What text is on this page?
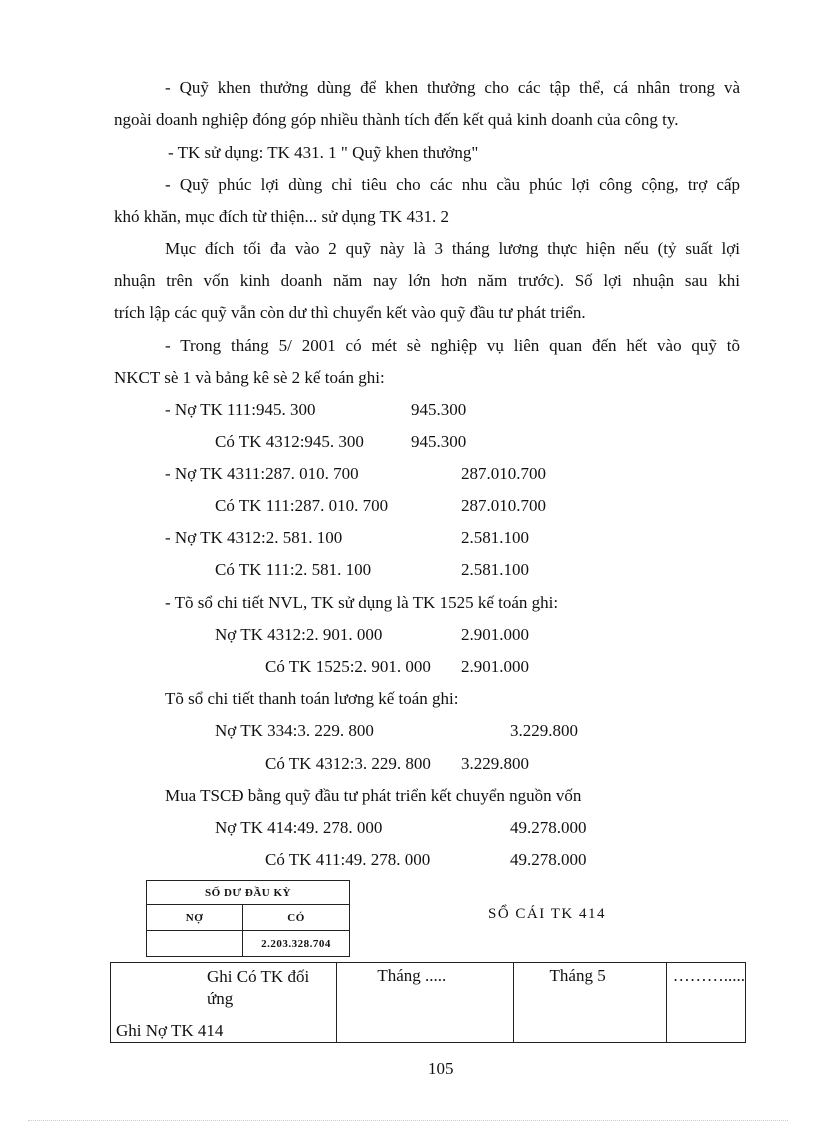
- Quỹ khen thưởng dùng để khen thưởng cho các tập thể, cá nhân trong và
ngoài doanh nghiệp đóng góp nhiều thành tích đến kết quả kinh doanh của công ty.
- TK sử dụng: TK 431. 1 " Quỹ khen thưởng"
- Quỹ phúc lợi dùng chỉ tiêu cho các nhu cầu phúc lợi công cộng, trợ cấp
khó khăn, mục đích từ thiện... sử dụng TK 431. 2
Mục đích tối đa vào 2 quỹ này là 3 tháng lương thực hiện nếu (tỷ suất lợi
nhuận trên vốn kinh doanh năm nay lớn hơn năm trước). Số lợi nhuận sau khi
trích lập các quỹ vẫn còn dư thì chuyển kết vào quỹ đầu tư phát triển.
- Trong tháng 5/ 2001 có mét sè nghiệp vụ liên quan đến hết vào quỹ tõ
NKCT sè 1 và bảng kê sè 2 kế toán ghi:
- Nợ TK 111:945. 300	945.300
Có TK 4312:945. 300	945.300
- Nợ TK 4311:287. 010. 700	287.010.700
Có TK 111:287. 010. 700	287.010.700
- Nợ TK 4312:2. 581. 100	2.581.100
Có TK 111:2. 581. 100	2.581.100
- Tõ sổ chi tiết NVL, TK sử dụng là TK 1525 kế toán ghi:
Nợ TK 4312:2. 901. 000	2.901.000
Có TK 1525:2. 901. 000 2.901.000
Tõ sổ chi tiết thanh toán lương kế toán ghi:
Nợ TK 334:3. 229. 800	3.229.800
Có TK 4312:3. 229. 800 3.229.800
Mua TSCĐ bằng quỹ đầu tư phát triển kết chuyển nguồn vốn
Nợ TK 414:49. 278. 000	49.278.000
Có TK 411:49. 278. 000	49.278.000
SỐ DƯ ĐẦU KỲ	
NỢ	CÓ
	2.203.328.704
SỔ CÁI TK 414
Ghi Có TK đối ứng
Ghi Nợ TK 414
	Tháng .....	Tháng 5	……….....
105
